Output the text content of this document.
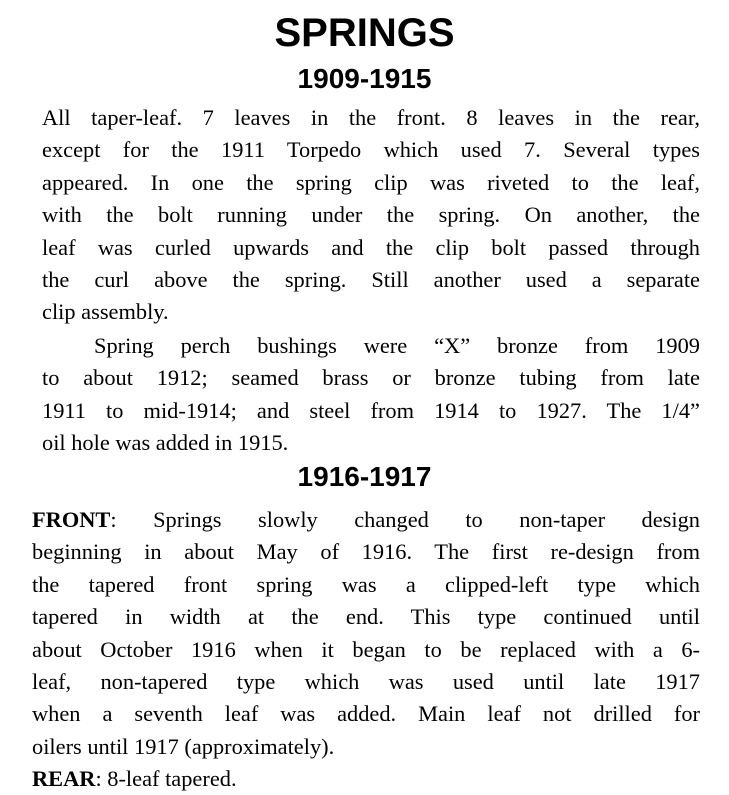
SPRINGS
1909-1915

All taper-leaf. 7 leaves in the front. 8 leaves in the rear,
except for the 1911 Torpedo which used 7. Several types
appeared. In one the spring clip was riveted to the leaf,
with the bolt running under the spring. On another, the
leaf was curled upwards and the clip bolt passed through
the curl above the spring. Still another used a separate
clip assembly.

Spring perch bushings were “X” bronze from 1909
to about 1912; seamed brass or bronze tubing from late
1911 to mid-1914; and steel from 1914 to 1927. The 1/4”
oil hole was added in 1915.

1916-1917

FRONT: Springs slowly changed to non-taper design
beginning in about May of 1916. The first re-design from
the tapered front spring was a clipped-left type which
tapered in width at the end. This type continued until
about October 1916 when it began to be replaced with a 6-
leaf, non-tapered type which was used until late 1917
when a seventh leaf was added. Main leaf not drilled for
oilers until 1917 (approximately).

REAR: 8-leaf tapered.
